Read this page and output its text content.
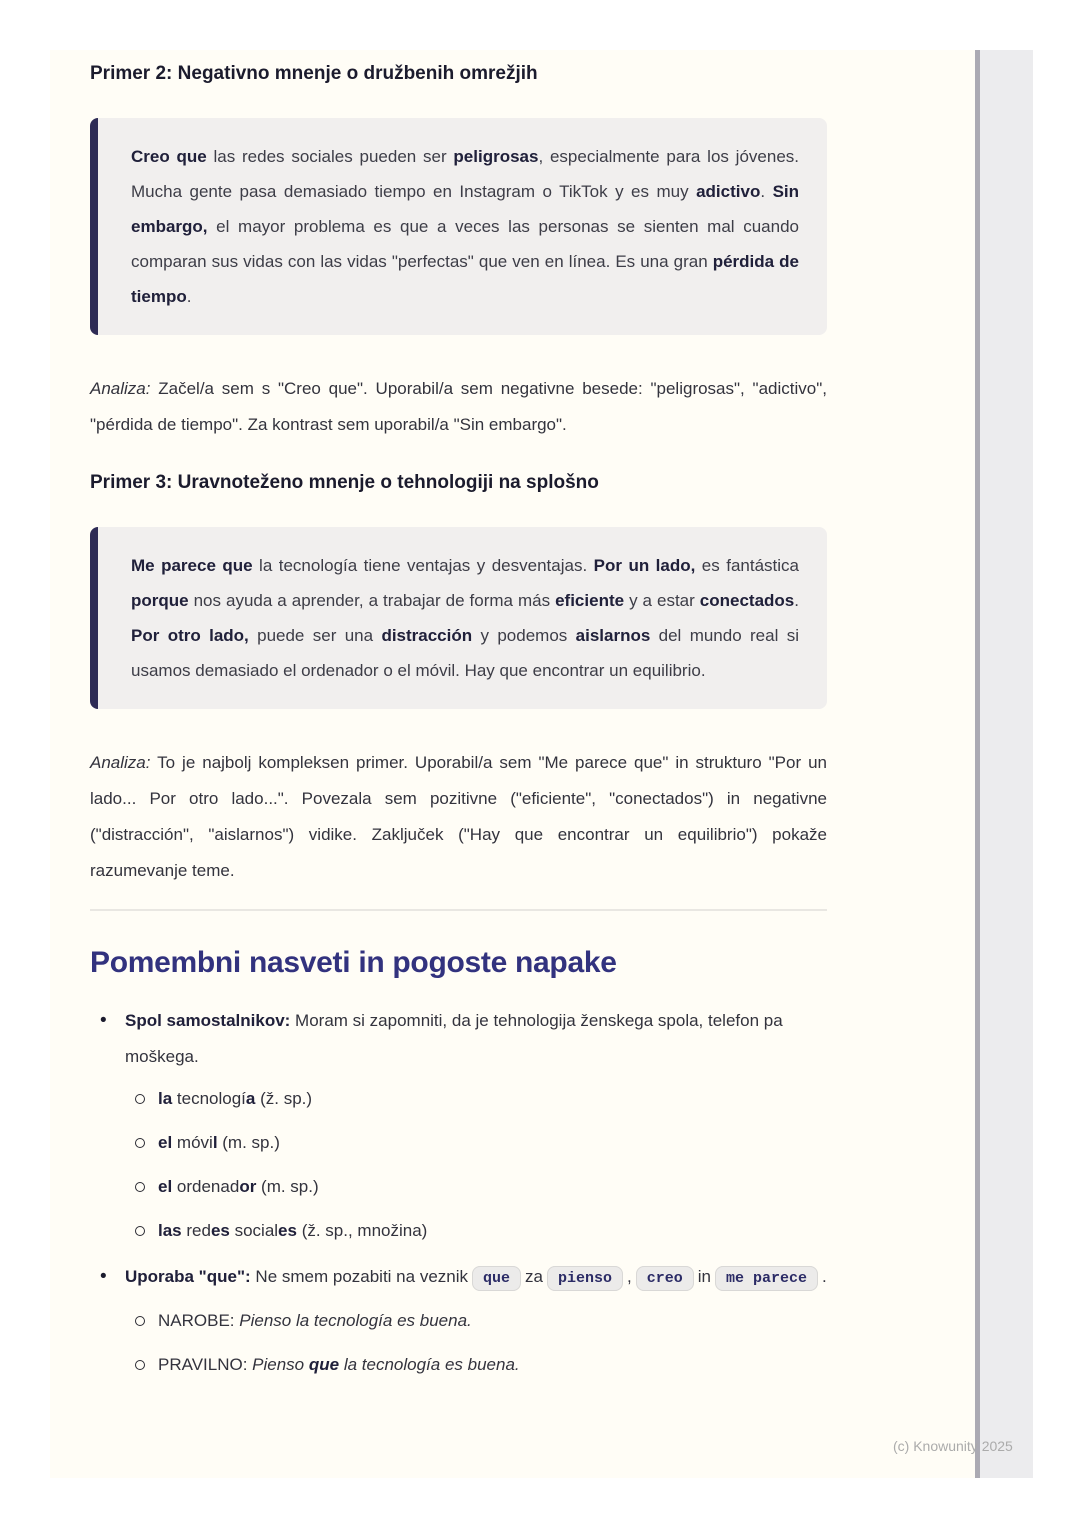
Primer 2: Negativno mnenje o družbenih omrežjih

Creo que las redes sociales pueden ser peligrosas, especialmente para los jóvenes. Mucha gente pasa demasiado tiempo en Instagram o TikTok y es muy adictivo. Sin embargo, el mayor problema es que a veces las personas se sienten mal cuando comparan sus vidas con las vidas "perfectas" que ven en línea. Es una gran pérdida de tiempo.

Analiza: Začel/a sem s "Creo que". Uporabil/a sem negativne besede: "peligrosas", "adictivo", "pérdida de tiempo". Za kontrast sem uporabil/a "Sin embargo".

Primer 3: Uravnoteženo mnenje o tehnologiji na splošno

Me parece que la tecnología tiene ventajas y desventajas. Por un lado, es fantástica porque nos ayuda a aprender, a trabajar de forma más eficiente y a estar conectados. Por otro lado, puede ser una distracción y podemos aislarnos del mundo real si usamos demasiado el ordenador o el móvil. Hay que encontrar un equilibrio.

Analiza: To je najbolj kompleksen primer. Uporabil/a sem "Me parece que" in strukturo "Por un lado... Por otro lado...". Povezala sem pozitivne ("eficiente", "conectados") in negativne ("distracción", "aislarnos") vidike. Zaključek ("Hay que encontrar un equilibrio") pokaže razumevanje teme.

Pomembni nasveti in pogoste napake
• Spol samostalnikov: Moram si zapomniti, da je tehnologija ženskega spola, telefon pa moškega.
la tecnología (ž. sp.)
el móvil (m. sp.)
el ordenador (m. sp.)
las redes sociales (ž. sp., množina)
• Uporaba "que": Ne smem pozabiti na veznik que za pienso , creo in me parece .
NAROBE: Pienso la tecnología es buena.
PRAVILNO: Pienso que la tecnología es buena.
(c) Knowunity 2025
